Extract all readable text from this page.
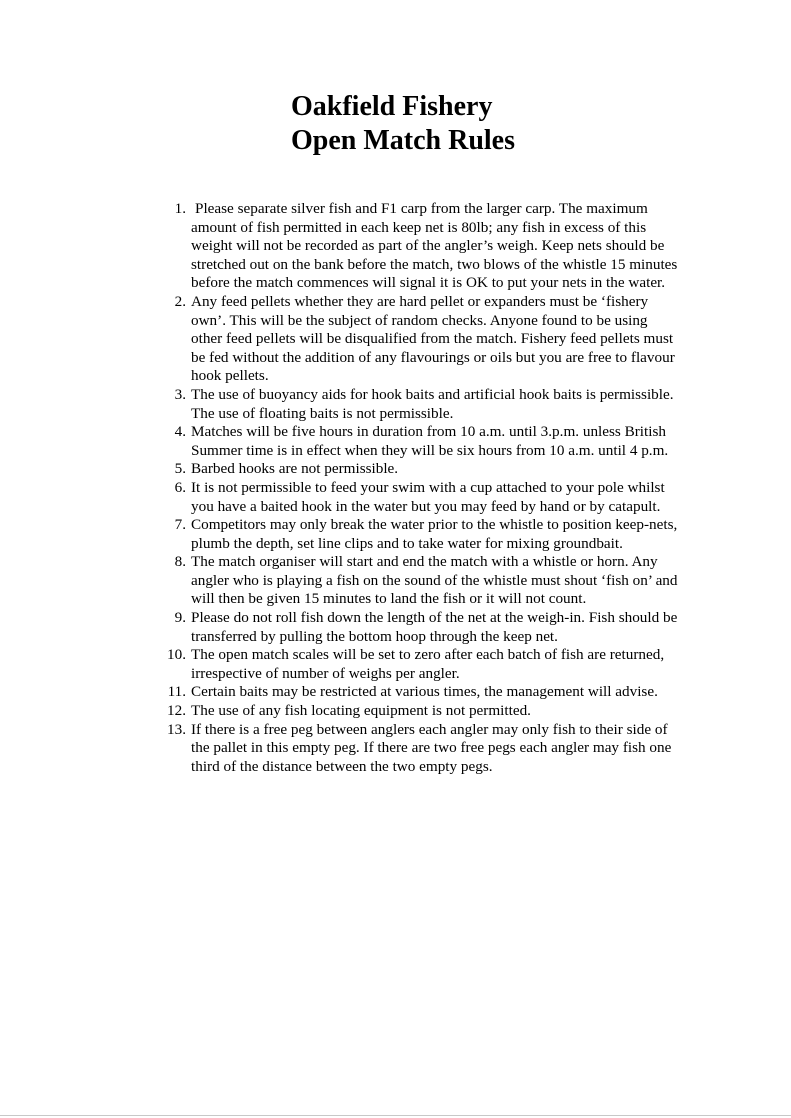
Oakfield Fishery
Open Match Rules
1. Please separate silver fish and F1 carp from the larger carp. The maximum amount of fish permitted in each keep net is 80lb; any fish in excess of this weight will not be recorded as part of the angler’s weigh. Keep nets should be stretched out on the bank before the match, two blows of the whistle 15 minutes before the match commences will signal it is OK to put your nets in the water.
2. Any feed pellets whether they are hard pellet or expanders must be ‘fishery own’. This will be the subject of random checks. Anyone found to be using other feed pellets will be disqualified from the match. Fishery feed pellets must be fed without the addition of any flavourings or oils but you are free to flavour hook pellets.
3. The use of buoyancy aids for hook baits and artificial hook baits is permissible. The use of floating baits is not permissible.
4. Matches will be five hours in duration from 10 a.m. until 3.p.m. unless British Summer time is in effect when they will be six hours from 10 a.m. until 4 p.m.
5. Barbed hooks are not permissible.
6. It is not permissible to feed your swim with a cup attached to your pole whilst you have a baited hook in the water but you may feed by hand or by catapult.
7. Competitors may only break the water prior to the whistle to position keep-nets, plumb the depth, set line clips and to take water for mixing groundbait.
8. The match organiser will start and end the match with a whistle or horn. Any angler who is playing a fish on the sound of the whistle must shout ‘fish on’ and will then be given 15 minutes to land the fish or it will not count.
9. Please do not roll fish down the length of the net at the weigh-in. Fish should be transferred by pulling the bottom hoop through the keep net.
10. The open match scales will be set to zero after each batch of fish are returned, irrespective of number of weighs per angler.
11. Certain baits may be restricted at various times, the management will advise.
12. The use of any fish locating equipment is not permitted.
13. If there is a free peg between anglers each angler may only fish to their side of the pallet in this empty peg. If there are two free pegs each angler may fish one third of the distance between the two empty pegs.
